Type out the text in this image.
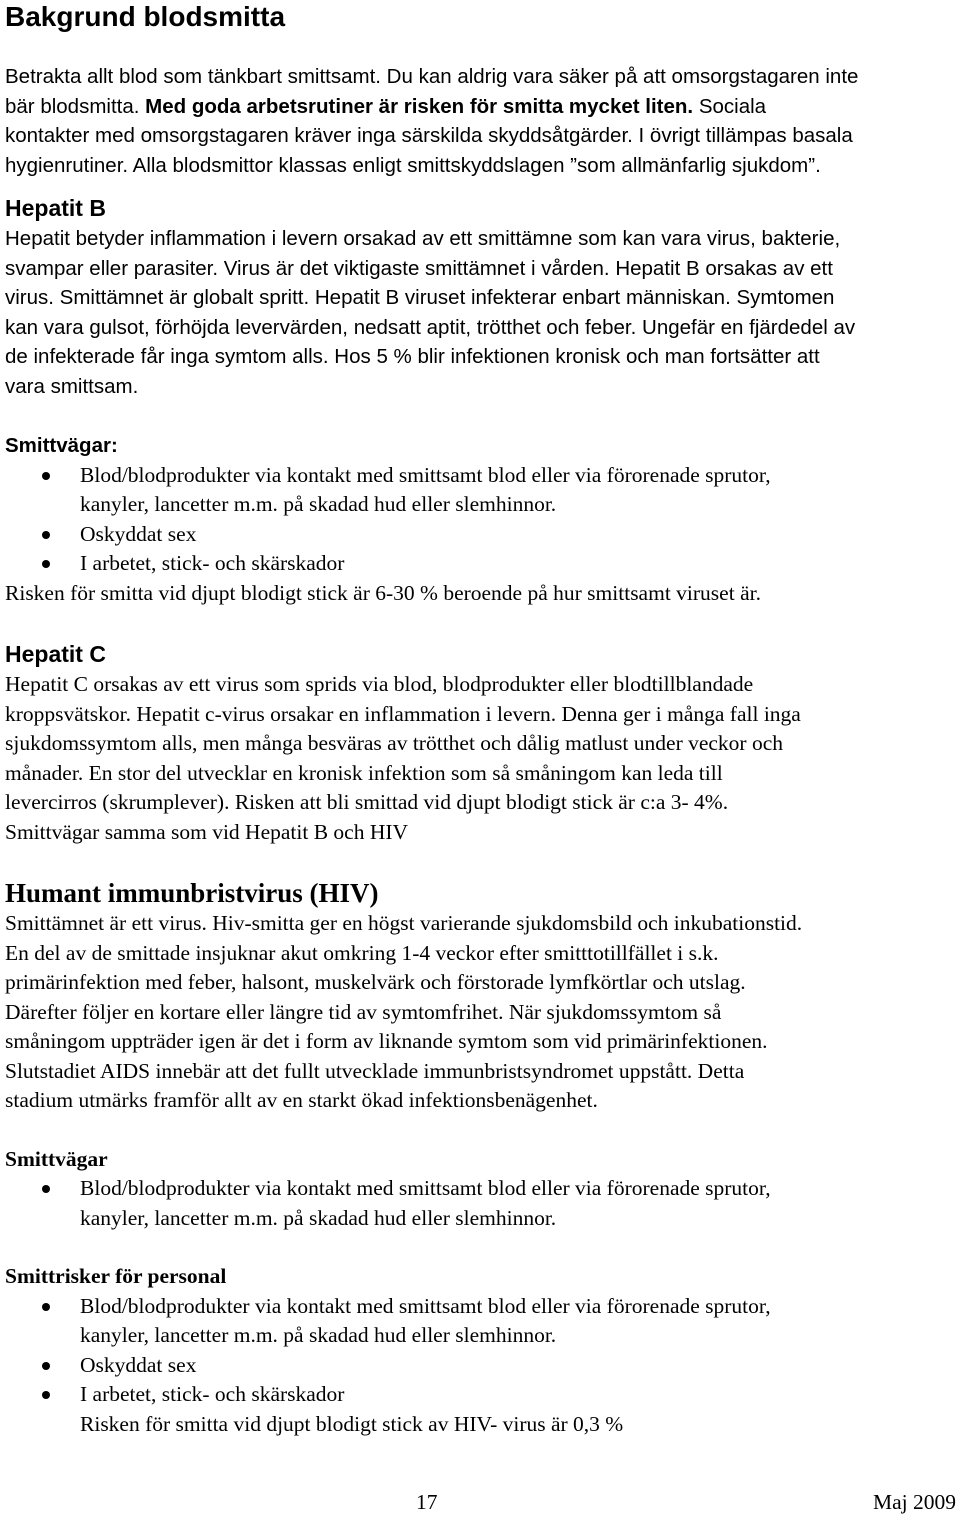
Bakgrund blodsmitta
Betrakta allt blod som tänkbart smittsamt. Du kan aldrig vara säker på att omsorgstagaren inte
bär blodsmitta. Med goda arbetsrutiner är risken för smitta mycket liten. Sociala
kontakter med omsorgstagaren kräver inga särskilda skyddsåtgärder. I övrigt tillämpas basala
hygienrutiner. Alla blodsmittor klassas enligt smittskyddslagen ”som allmänfarlig sjukdom”.
Hepatit B
Hepatit betyder inflammation i levern orsakad av ett smittämne som kan vara virus, bakterie,
svampar eller parasiter. Virus är det viktigaste smittämnet i vården. Hepatit B orsakas av ett
virus. Smittämnet är globalt spritt. Hepatit B viruset infekterar enbart människan. Symtomen
kan vara gulsot, förhöjda levervärden, nedsatt aptit, trötthet och feber. Ungefär en fjärdedel av
de infekterade får inga symtom alls. Hos 5 % blir infektionen kronisk och man fortsätter att
vara smittsam.
Smittvägar:
Blod/blodprodukter via kontakt med smittsamt blod eller via förorenade sprutor,
kanyler, lancetter m.m. på skadad hud eller slemhinnor.
Oskyddat sex
I arbetet, stick- och skärskador
Risken för smitta vid djupt blodigt stick är 6-30 % beroende på hur smittsamt viruset är.
Hepatit C
Hepatit C orsakas av ett virus som sprids via blod, blodprodukter eller blodtillblandade
kroppsvätskor. Hepatit c-virus orsakar en inflammation i levern. Denna ger i många fall inga
sjukdomssymtom alls, men många besväras av trötthet och dålig matlust under veckor och
månader. En stor del utvecklar en kronisk infektion som så småningom kan leda till
levercirros (skrumplever). Risken att bli smittad vid djupt blodigt stick är c:a 3- 4%.
Smittvägar samma som vid Hepatit B och HIV
Humant immunbristvirus (HIV)
Smittämnet är ett virus. Hiv-smitta ger en högst varierande sjukdomsbild och inkubationstid.
En del av de smittade insjuknar akut omkring 1-4 veckor efter smitttotillfället i s.k.
primärinfektion med feber, halsont, muskelvärk och förstorade lymfkörtlar och utslag.
Därefter följer en kortare eller längre tid av symtomfrihet. När sjukdomssymtom så
småningom uppträder igen är det i form av liknande symtom som vid primärinfektionen.
Slutstadiet AIDS innebär att det fullt utvecklade immunbristsyndromet uppstått. Detta
stadium utmärks framför allt av en starkt ökad infektionsbenägenhet.
Smittvägar
Blod/blodprodukter via kontakt med smittsamt blod eller via förorenade sprutor,
kanyler, lancetter m.m. på skadad hud eller slemhinnor.
Smittrisker för personal
Blod/blodprodukter via kontakt med smittsamt blod eller via förorenade sprutor,
kanyler, lancetter m.m. på skadad hud eller slemhinnor.
Oskyddat sex
I arbetet, stick- och skärskador
Risken för smitta vid djupt blodigt stick av HIV- virus är 0,3 %
17	Maj 2009
